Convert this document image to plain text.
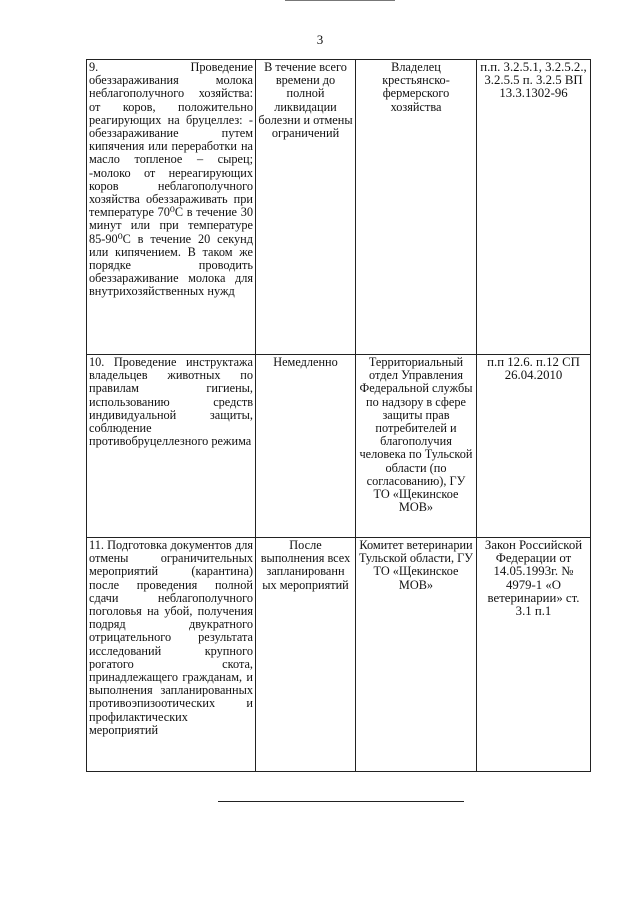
3
9. Проведение обеззараживания молока неблагополучного хозяйства: от коров, положительно реагирующих на бруцеллез: - обеззараживание путем кипячения или переработки на масло топленое – сырец; -молоко от нереагирующих коров неблагополучного хозяйства обеззараживать при температуре 70⁰С в течение 30 минут или при температуре 85-90⁰С в течение 20 секунд или кипячением. В таком же порядке проводить обеззараживание молока для внутрихозяйственных нужд	В течение всего времени до полной ликвидации болезни и отмены ограничений	Владелец крестьянско-фермерского хозяйства	п.п. 3.2.5.1, 3.2.5.2., 3.2.5.5 п. 3.2.5 ВП 13.3.1302-96
10. Проведение инструктажа владельцев животных по правилам гигиены, использованию средств индивидуальной защиты, соблюдение противобруцеллезного режима	Немедленно	Территориальный отдел Управления Федеральной службы по надзору в сфере защиты прав потребителей и благополучия человека по Тульской области (по согласованию), ГУ ТО «Щекинское МОВ»	п.п 12.6. п.12 СП 26.04.2010
11. Подготовка документов для отмены ограничительных мероприятий (карантина) после проведения полной сдачи неблагополучного поголовья на убой, получения подряд двукратного отрицательного результата исследований крупного рогатого скота, принадлежащего гражданам, и выполнения запланированных противоэпизоотических и профилактических мероприятий	После выполнения всех запланированн ых мероприятий	Комитет ветеринарии Тульской области, ГУ ТО «Щекинское МОВ»	Закон Российской Федерации от 14.05.1993г. № 4979-1 «О ветеринарии» ст. 3.1 п.1
